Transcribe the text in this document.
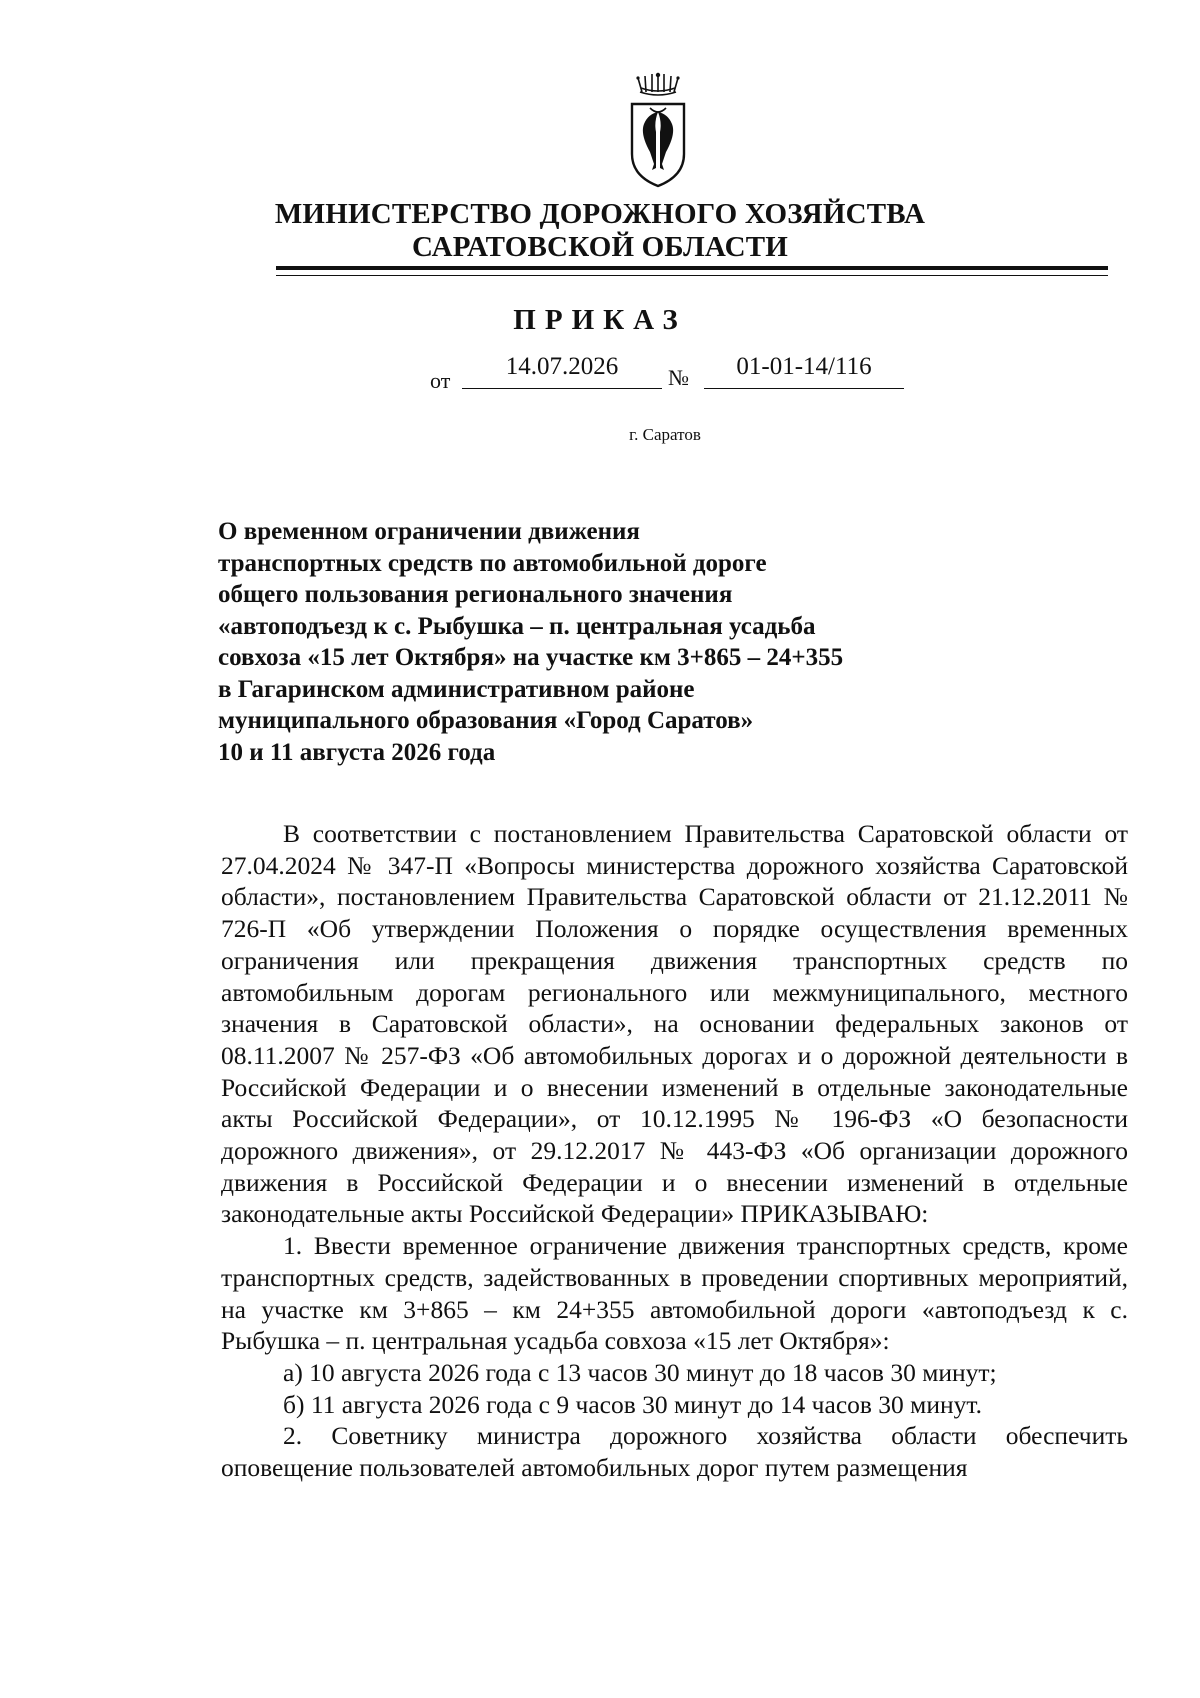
МИНИСТЕРСТВО ДОРОЖНОГО ХОЗЯЙСТВА
САРАТОВСКОЙ ОБЛАСТИ
ПРИКАЗ
от
14.07.2026	№	01-01-14/116
г. Саратов
О временном ограничении движения
транспортных средств по автомобильной дороге
общего пользования регионального значения
«автоподъезд к с. Рыбушка – п. центральная усадьба
совхоза «15 лет Октября» на участке км 3+865 – 24+355
в Гагаринском административном районе
муниципального образования «Город Саратов»
10 и 11 августа 2026 года

В соответствии с постановлением Правительства Саратовской области от 27.04.2024 № 347-П «Вопросы министерства дорожного хозяйства Саратовской области», постановлением Правительства Саратовской области от 21.12.2011 № 726-П «Об утверждении Положения о порядке осуществления временных ограничения или прекращения движения транспортных средств по автомобильным дорогам регионального или межмуниципального, местного значения в Саратовской области», на основании федеральных законов от 08.11.2007 № 257-ФЗ «Об автомобильных дорогах и о дорожной деятельности в Российской Федерации и о внесении изменений в отдельные законодательные акты Российской Федерации», от 10.12.1995 № 196-ФЗ «О безопасности дорожного движения», от 29.12.2017 № 443-ФЗ «Об организации дорожного движения в Российской Федерации и о внесении изменений в отдельные законодательные акты Российской Федерации» ПРИКАЗЫВАЮ:

1. Ввести временное ограничение движения транспортных средств, кроме транспортных средств, задействованных в проведении спортивных мероприятий, на участке км 3+865 – км 24+355 автомобильной дороги «автоподъезд к с. Рыбушка – п. центральная усадьба совхоза «15 лет Октября»:

а) 10 августа 2026 года с 13 часов 30 минут до 18 часов 30 минут;

б) 11 августа 2026 года с 9 часов 30 минут до 14 часов 30 минут.

2. Советнику министра дорожного хозяйства области обеспечить оповещение пользователей автомобильных дорог путем размещения
